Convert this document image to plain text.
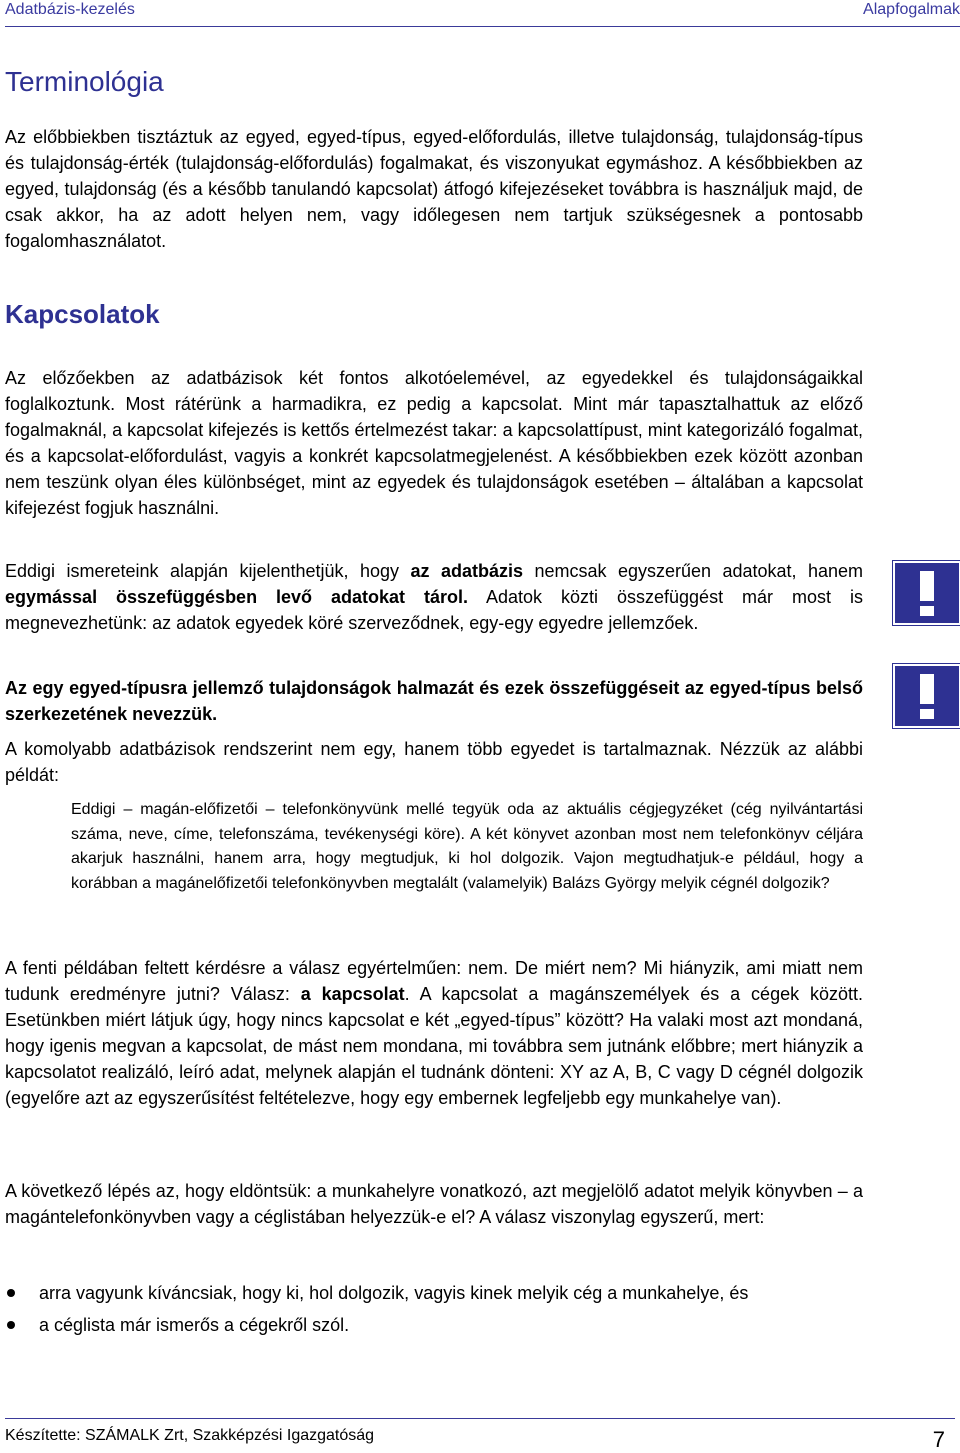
Adatbázis-kezelés	Alapfogalmak
Terminológia

Az előbbiekben tisztáztuk az egyed, egyed-típus, egyed-előfordulás, illetve tulajdonság, tulajdonság-típus és tulajdonság-érték (tulajdonság-előfordulás) fogalmakat, és viszonyukat egymáshoz. A későbbiekben az egyed, tulajdonság (és a később tanulandó kapcsolat) átfogó kifejezéseket továbbra is használjuk majd, de csak akkor, ha az adott helyen nem, vagy időlegesen nem tartjuk szükségesnek a pontosabb fogalomhasználatot.

Kapcsolatok

Az előzőekben az adatbázisok két fontos alkotóelemével, az egyedekkel és tulajdonságaikkal foglalkoztunk. Most rátérünk a harmadikra, ez pedig a kapcsolat. Mint már tapasztalhattuk az előző fogalmaknál, a kapcsolat kifejezés is kettős értelmezést takar: a kapcsolattípust, mint kategorizáló fogalmat, és a kapcsolat-előfordulást, vagyis a konkrét kapcsolatmegjelenést. A későbbiekben ezek között azonban nem teszünk olyan éles különbséget, mint az egyedek és tulajdonságok esetében – általában a kapcsolat kifejezést fogjuk használni.

Eddigi ismereteink alapján kijelenthetjük, hogy az adatbázis nemcsak egyszerűen adatokat, hanem egymással összefüggésben levő adatokat tárol. Adatok közti összefüggést már most is megnevezhetünk: az adatok egyedek köré szerveződnek, egy-egy egyedre jellemzőek.

Az egy egyed-típusra jellemző tulajdonságok halmazát és ezek összefüggéseit az egyed-típus belső szerkezetének nevezzük.

A komolyabb adatbázisok rendszerint nem egy, hanem több egyedet is tartalmaznak. Nézzük az alábbi példát:

Eddigi – magán-előfizetői – telefonkönyvünk mellé tegyük oda az aktuális cégjegyzéket (cég nyilvántartási száma, neve, címe, telefonszáma, tevékenységi köre). A két könyvet azonban most nem telefonkönyv céljára akarjuk használni, hanem arra, hogy megtudjuk, ki hol dolgozik. Vajon megtudhatjuk-e például, hogy a korábban a magánelőfizetői telefonkönyvben megtalált (valamelyik) Balázs György melyik cégnél dolgozik?

A fenti példában feltett kérdésre a válasz egyértelműen: nem. De miért nem? Mi hiányzik, ami miatt nem tudunk eredményre jutni? Válasz: a kapcsolat. A kapcsolat a magánszemélyek és a cégek között. Esetünkben miért látjuk úgy, hogy nincs kapcsolat e két „egyed-típus” között? Ha valaki most azt mondaná, hogy igenis megvan a kapcsolat, de mást nem mondana, mi továbbra sem jutnánk előbbre; mert hiányzik a kapcsolatot realizáló, leíró adat, melynek alapján el tudnánk dönteni: XY az A, B, C vagy D cégnél dolgozik (egyelőre azt az egyszerűsítést feltételezve, hogy egy embernek legfeljebb egy munkahelye van).

A következő lépés az, hogy eldöntsük: a munkahelyre vonatkozó, azt megjelölő adatot melyik könyvben – a magántelefonkönyvben vagy a céglistában helyezzük-e el? A válasz viszonylag egyszerű, mert:

arra vagyunk kíváncsiak, hogy ki, hol dolgozik, vagyis kinek melyik cég a munkahelye, és
a céglista már ismerős a cégekről szól.
Készítette: SZÁMALK Zrt, Szakképzési Igazgatóság	7
